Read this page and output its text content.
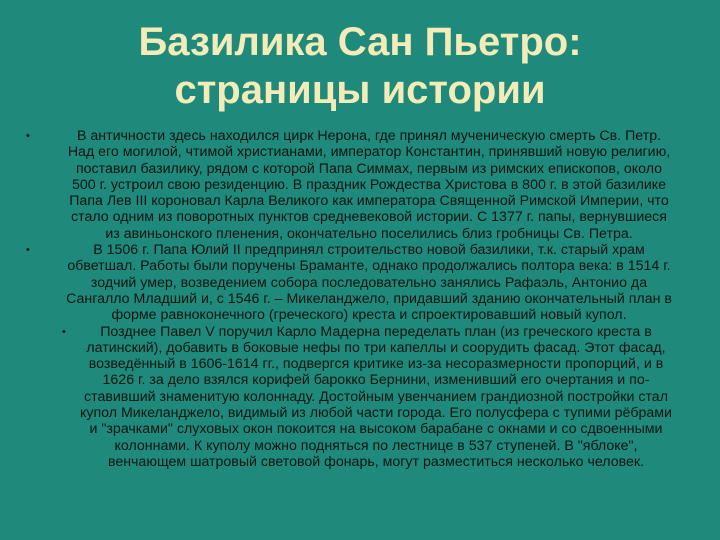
Базилика Сан Пьетро:
страницы истории

•	В античности здесь находился цирк Нерона, где принял мученическую смерть Св. Петр. Над его могилой, чтимой христианами, император Константин, принявший новую религию, поставил базилику, рядом с которой Папа Симмах, первым из римских епископов, около 500 г. устроил свою резиденцию. В праздник Рождества Христова в 800 г. в этой базилике Папа Лев III короновал Карла Великого как императора Священной Римской Империи, что стало одним из поворотных пунктов средневековой истории. С 1377 г. папы, вернувшиеся из авиньонского пленения, окончательно поселились близ гробницы Св. Петра.

•	В 1506 г. Папа Юлий II предпринял строительство новой базилики, т.к. старый храм обветшал. Работы были поручены Браманте, однако продолжались полтора века: в 1514 г. зодчий умер, возведением собора последовательно занялись Рафаэль, Антонио да Сангалло Младший и, с 1546 г. – Микеланджело, придавший зданию окончательный план в форме равноконечного (греческого) креста и спроектировавший новый купол.

•	Позднее Павел V поручил Карло Мадерна переделать план (из греческого креста в латинский), добавить в боковые нефы по три капеллы и соорудить фасад. Этот фасад, возведённый в 1606-1614 гг., подвергся критике из-за несоразмерности пропорций, и в 1626 г. за дело взялся корифей барокко Бернини, изменивший его очертания и по-ставивший знаменитую колоннаду. Достойным увенчанием грандиозной постройки стал купол Микеланджело, видимый из любой части города. Его полусфера с тупими рёбрами и "зрачками" слуховых окон покоится на высоком барабане с окнами и со сдвоенными колоннами. К куполу можно подняться по лестнице в 537 ступеней. В "яблоке", венчающем шатровый световой фонарь, могут разместиться несколько человек.
